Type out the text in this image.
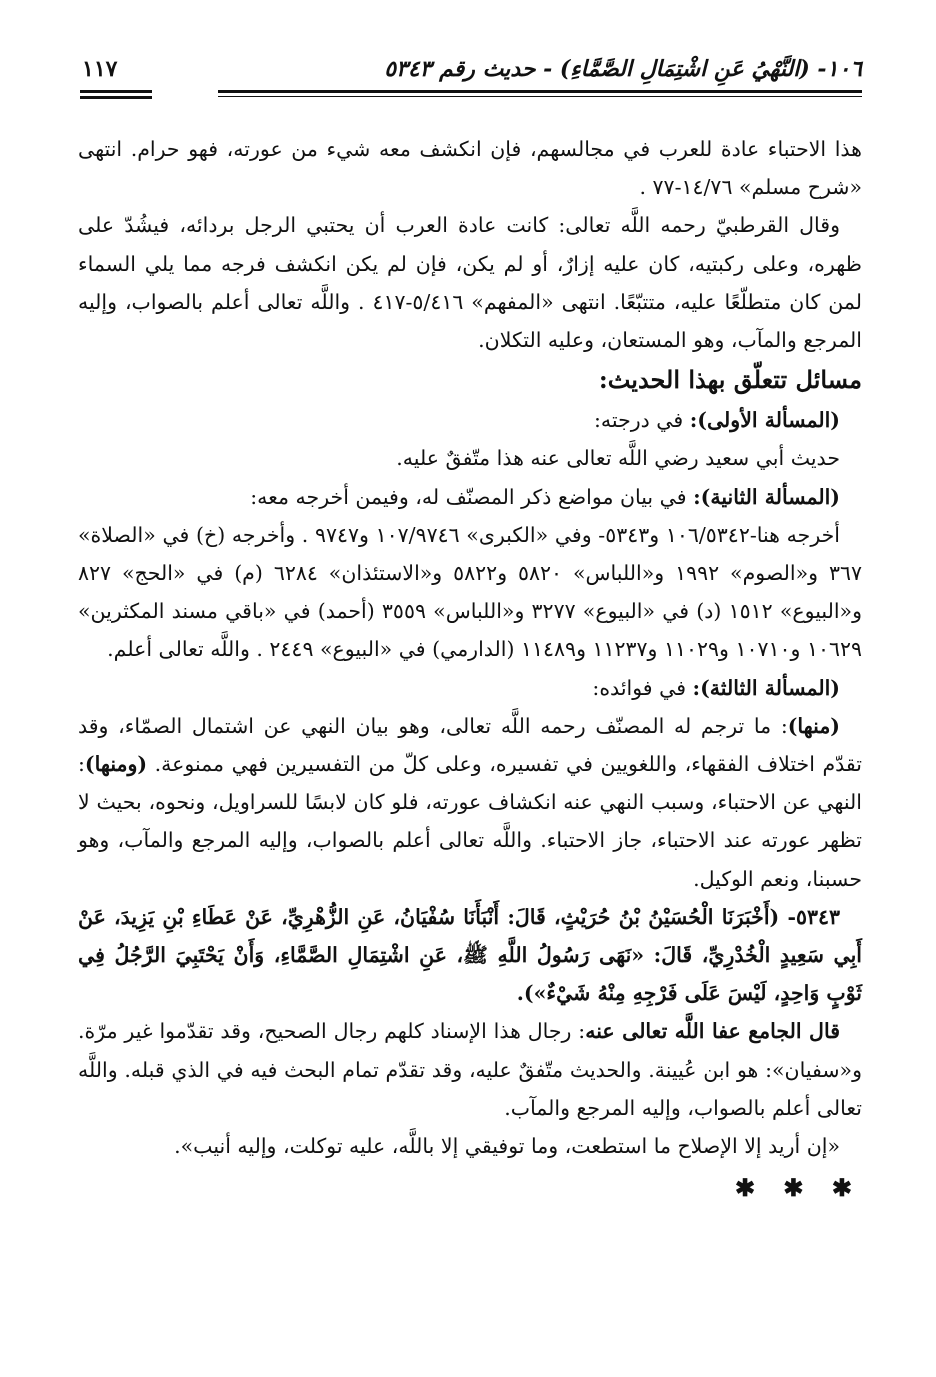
١٠٦- (النَّهْيُ عَنِ اشْتِمَالِ الصَّمَّاءِ) - حديث رقم ٥٣٤٣
١١٧

هذا الاحتباء عادة للعرب في مجالسهم، فإن انكشف معه شيء من عورته، فهو حرام. انتهى «شرح مسلم» ١٤/٧٦-٧٧ .

وقال القرطبيّ رحمه اللَّه تعالى: كانت عادة العرب أن يحتبي الرجل بردائه، فيشُدّ على ظهره، وعلى ركبتيه، كان عليه إزارٌ، أو لم يكن، فإن لم يكن انكشف فرجه مما يلي السماء لمن كان متطلّعًا عليه، متتبّعًا. انتهى «المفهم» ٥/٤١٦-٤١٧ . واللَّه تعالى أعلم بالصواب، وإليه المرجع والمآب، وهو المستعان، وعليه التكلان.

مسائل تتعلّق بهذا الحديث:

(المسألة الأولى): في درجته:

حديث أبي سعيد رضي اللَّه تعالى عنه هذا متّفقٌ عليه.

(المسألة الثانية): في بيان مواضع ذكر المصنّف له، وفيمن أخرجه معه:

أخرجه هنا-١٠٦/٥٣٤٢ و٥٣٤٣- وفي «الكبرى» ١٠٧/٩٧٤٦ و٩٧٤٧ . وأخرجه (خ) في «الصلاة» ٣٦٧ و«الصوم» ١٩٩٢ و«اللباس» ٥٨٢٠ و٥٨٢٢ و«الاستئذان» ٦٢٨٤ (م) في «الحج» ٨٢٧ و«البيوع» ١٥١٢ (د) في «البيوع» ٣٢٧٧ و«اللباس» ٣٥٥٩ (أحمد) في «باقي مسند المكثرين» ١٠٦٢٩ و١٠٧١٠ و١١٠٢٩ و١١٢٣٧ و١١٤٨٩ (الدارمي) في «البيوع» ٢٤٤٩ . واللَّه تعالى أعلم.

(المسألة الثالثة): في فوائده:

(منها): ما ترجم له المصنّف رحمه اللَّه تعالى، وهو بيان النهي عن اشتمال الصمّاء، وقد تقدّم اختلاف الفقهاء، واللغويين في تفسيره، وعلى كلّ من التفسيرين فهي ممنوعة. (ومنها): النهي عن الاحتباء، وسبب النهي عنه انكشاف عورته، فلو كان لابسًا للسراويل، ونحوه، بحيث لا تظهر عورته عند الاحتباء، جاز الاحتباء. واللَّه تعالى أعلم بالصواب، وإليه المرجع والمآب، وهو حسبنا، ونعم الوكيل.

٥٣٤٣- (أَخْبَرَنَا الْحُسَيْنُ بْنُ حُرَيْثٍ، قَالَ: أَنْبَأَنَا سُفْيَانُ، عَنِ الزُّهْرِيِّ، عَنْ عَطَاءِ بْنِ يَزِيدَ، عَنْ أَبِي سَعِيدٍ الْخُدْرِيِّ، قَالَ: «نَهَى رَسُولُ اللَّهِ ﷺ، عَنِ اشْتِمَالِ الصَّمَّاءِ، وَأَنْ يَحْتَبِيَ الرَّجُلُ فِي ثَوْبٍ وَاحِدٍ، لَيْسَ عَلَى فَرْجِهِ مِنْهُ شَيْءٌ»).

قال الجامع عفا اللَّه تعالى عنه: رجال هذا الإسناد كلهم رجال الصحيح، وقد تقدّموا غير مرّة. و«سفيان»: هو ابن عُيينة. والحديث متّفقٌ عليه، وقد تقدّم تمام البحث فيه في الذي قبله. واللَّه تعالى أعلم بالصواب، وإليه المرجع والمآب.

«إن أريد إلا الإصلاح ما استطعت، وما توفيقي إلا باللَّه، عليه توكلت، وإليه أنيب».

✱ ✱ ✱
